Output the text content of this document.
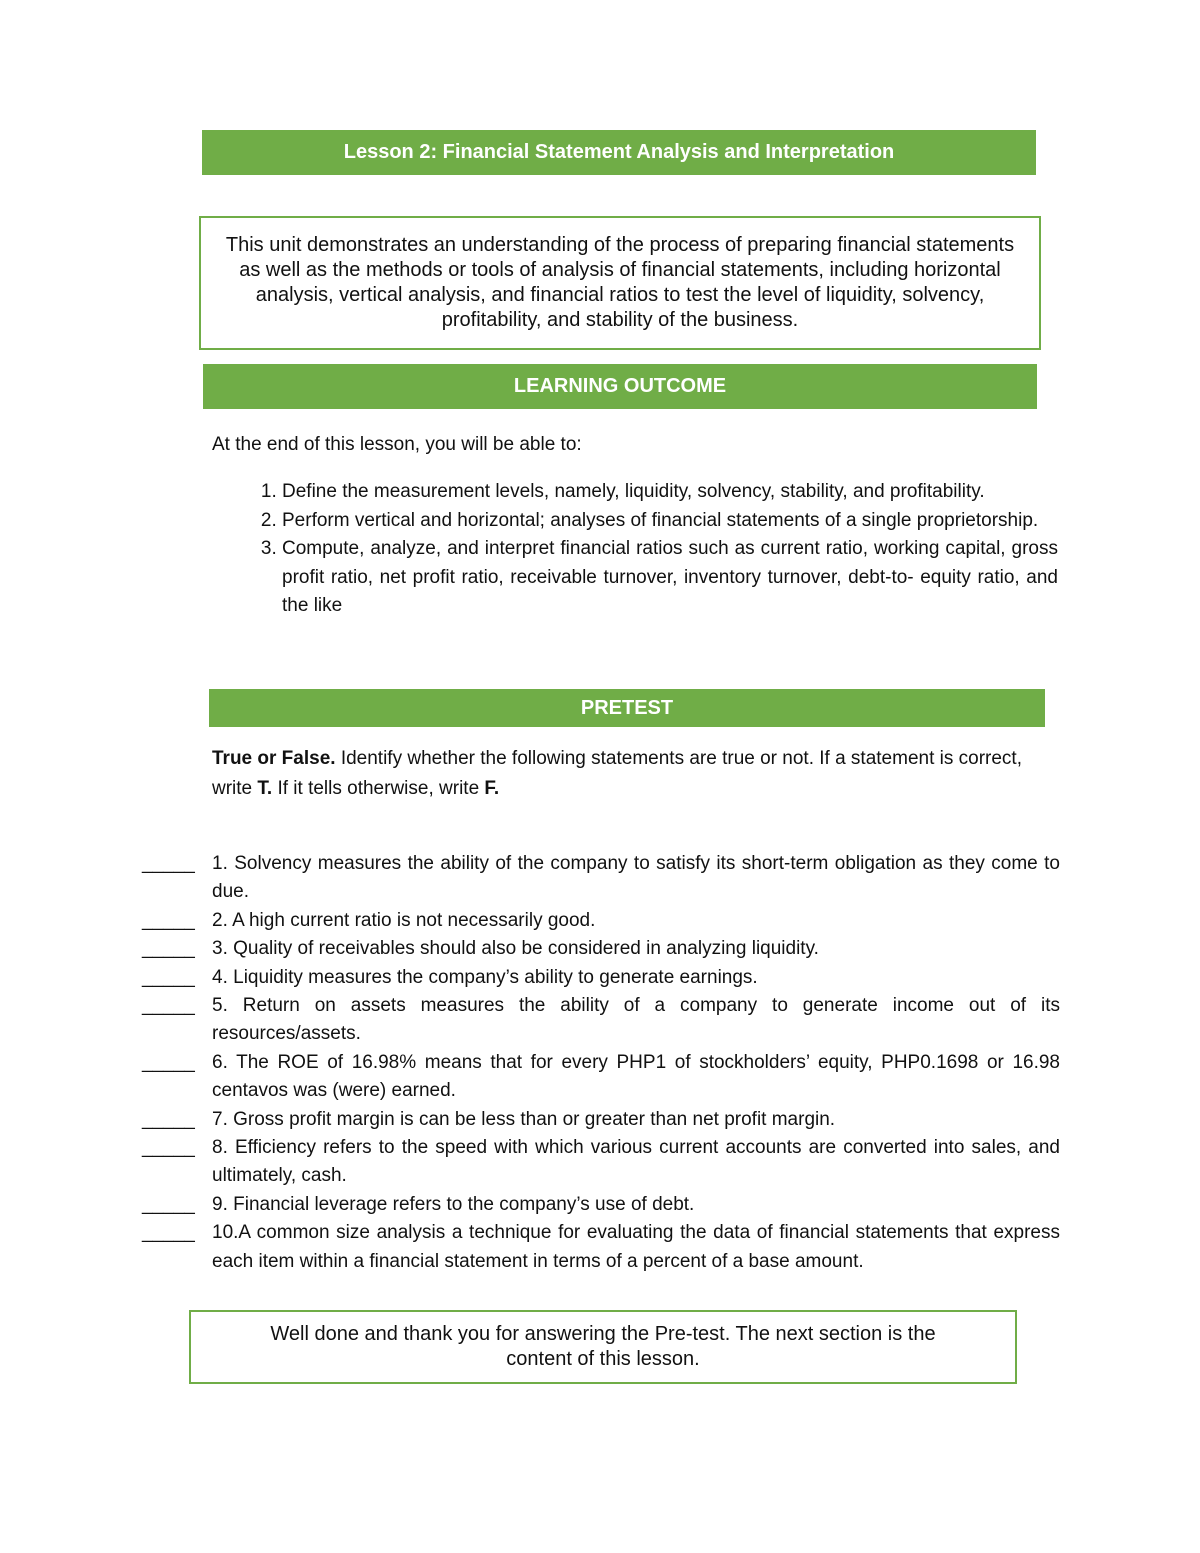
Lesson 2: Financial Statement Analysis and Interpretation
This unit demonstrates an understanding of the process of preparing financial statements as well as the methods or tools of analysis of financial statements, including horizontal analysis, vertical analysis, and financial ratios to test the level of liquidity, solvency, profitability, and stability of the business.
LEARNING OUTCOME
At the end of this lesson, you will be able to:
1. Define the measurement levels, namely, liquidity, solvency, stability, and profitability.
2. Perform vertical and horizontal; analyses of financial statements of a single proprietorship.
3. Compute, analyze, and interpret financial ratios such as current ratio, working capital, gross profit ratio, net profit ratio, receivable turnover, inventory turnover, debt-to- equity ratio, and the like
PRETEST
True or False. Identify whether the following statements are true or not. If a statement is correct, write T. If it tells otherwise, write F.
_____ 1. Solvency measures the ability of the company to satisfy its short-term obligation as they come to due.
_____ 2. A high current ratio is not necessarily good.
_____ 3. Quality of receivables should also be considered in analyzing liquidity.
_____ 4. Liquidity measures the company’s ability to generate earnings.
_____ 5. Return on assets measures the ability of a company to generate income out of its resources/assets.
_____ 6. The ROE of 16.98% means that for every PHP1 of stockholders’ equity, PHP0.1698 or 16.98 centavos was (were) earned.
_____ 7. Gross profit margin is can be less than or greater than net profit margin.
_____ 8. Efficiency refers to the speed with which various current accounts are converted into sales, and ultimately, cash.
_____ 9. Financial leverage refers to the company’s use of debt.
_____ 10.A common size analysis a technique for evaluating the data of financial statements that express each item within a financial statement in terms of a percent of a base amount.
Well done and thank you for answering the Pre-test. The next section is the content of this lesson.
